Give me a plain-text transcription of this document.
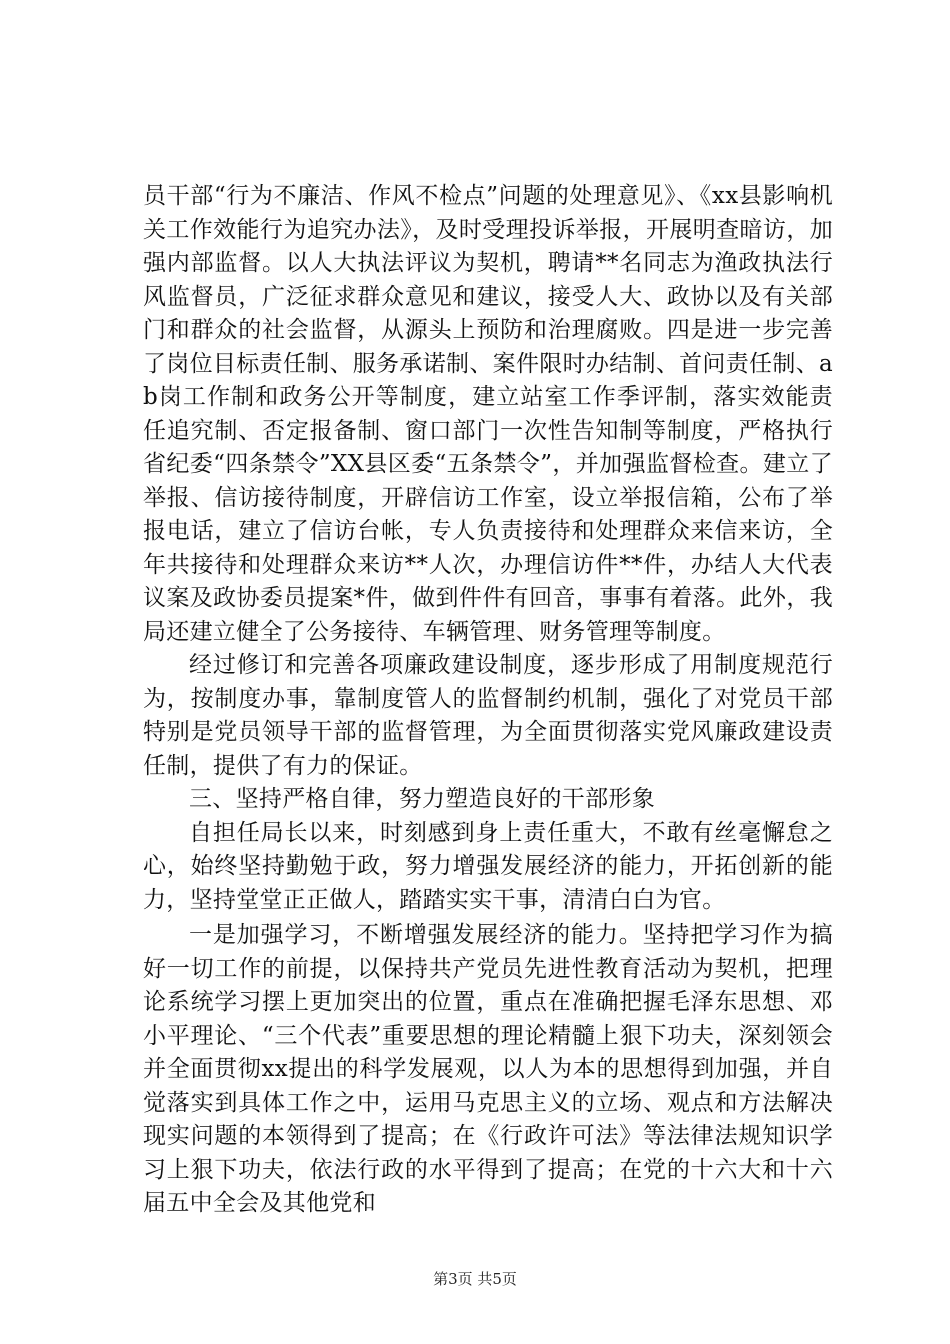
员干部“行为不廉洁、作风不检点”问题的处理意见》、《xx县影响机关工作效能行为追究办法》，及时受理投诉举报，开展明查暗访，加强内部监督。以人大执法评议为契机，聘请**名同志为渔政执法行风监督员，广泛征求群众意见和建议，接受人大、政协以及有关部门和群众的社会监督，从源头上预防和治理腐败。四是进一步完善了岗位目标责任制、服务承诺制、案件限时办结制、首问责任制、ab岗工作制和政务公开等制度，建立站室工作季评制，落实效能责任追究制、否定报备制、窗口部门一次性告知制等制度，严格执行省纪委“四条禁令”XX县区委“五条禁令”，并加强监督检查。建立了举报、信访接待制度，开辟信访工作室，设立举报信箱，公布了举报电话，建立了信访台帐，专人负责接待和处理群众来信来访，全年共接待和处理群众来访**人次，办理信访件**件，办结人大代表议案及政协委员提案*件，做到件件有回音，事事有着落。此外，我局还建立健全了公务接待、车辆管理、财务管理等制度。

经过修订和完善各项廉政建设制度，逐步形成了用制度规范行为，按制度办事，靠制度管人的监督制约机制，强化了对党员干部特别是党员领导干部的监督管理，为全面贯彻落实党风廉政建设责任制，提供了有力的保证。

三、坚持严格自律，努力塑造良好的干部形象

自担任局长以来，时刻感到身上责任重大，不敢有丝毫懈怠之心，始终坚持勤勉于政，努力增强发展经济的能力，开拓创新的能力，坚持堂堂正正做人，踏踏实实干事，清清白白为官。

一是加强学习，不断增强发展经济的能力。坚持把学习作为搞好一切工作的前提，以保持共产党员先进性教育活动为契机，把理论系统学习摆上更加突出的位置，重点在准确把握毛泽东思想、邓小平理论、“三个代表”重要思想的理论精髓上狠下功夫，深刻领会并全面贯彻xx提出的科学发展观，以人为本的思想得到加强，并自觉落实到具体工作之中，运用马克思主义的立场、观点和方法解决现实问题的本领得到了提高；在《行政许可法》等法律法规知识学习上狠下功夫，依法行政的水平得到了提高；在党的十六大和十六届五中全会及其他党和

第3页 共5页
